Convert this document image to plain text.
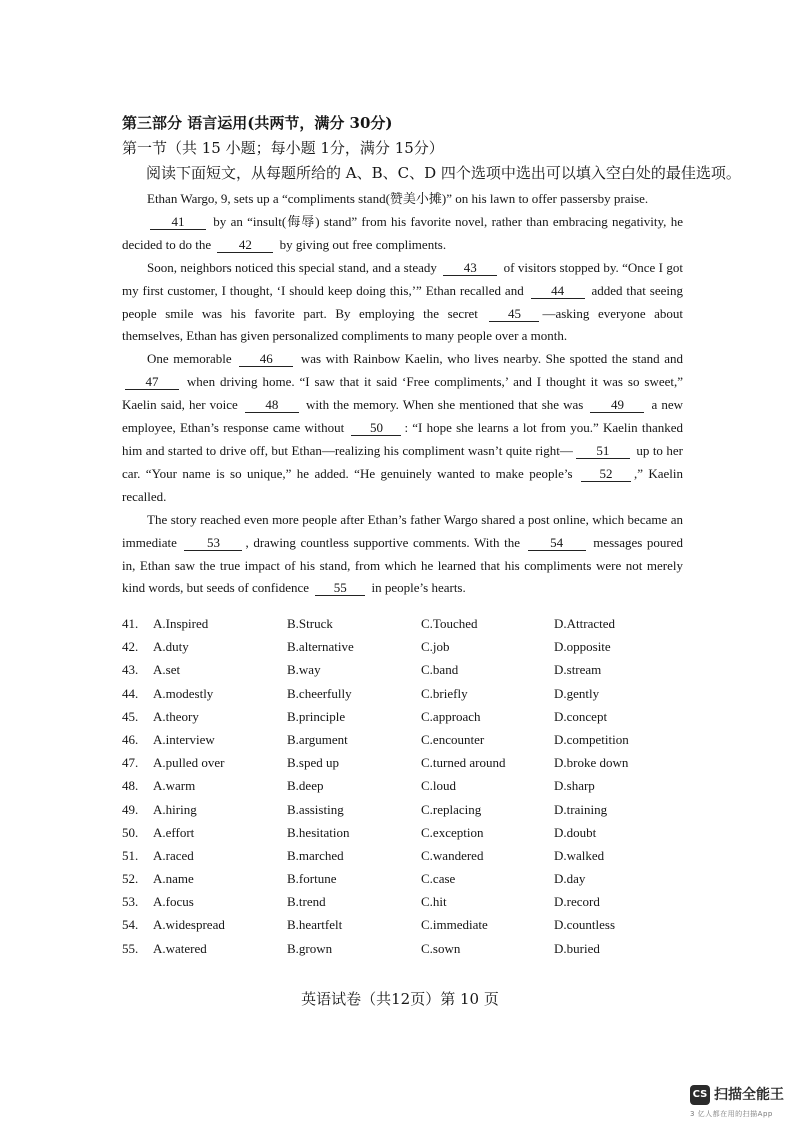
第三部分 语言运用(共两节，满分 30分)
第一节（共 15 小题；每小题 1分，满分 15分）
阅读下面短文，从每题所给的 A、B、C、D 四个选项中选出可以填入空白处的最佳选项。

Ethan Wargo, 9, sets up a “compliments stand(赞美小摊)” on his lawn to offer passersby praise.

41 by an “insult(侮辱) stand” from his favorite novel, rather than embracing negativity, he decided to do the 42 by giving out free compliments.

Soon, neighbors noticed this special stand, and a steady 43 of visitors stopped by. “Once I got my first customer, I thought, ‘I should keep doing this,’” Ethan recalled and 44 added that seeing people smile was his favorite part. By employing the secret 45 —asking everyone about themselves, Ethan has given personalized compliments to many people over a month.

One memorable 46 was with Rainbow Kaelin, who lives nearby. She spotted the stand and 47 when driving home. “I saw that it said ‘Free compliments,’ and I thought it was so sweet,” Kaelin said, her voice 48 with the memory. When she mentioned that she was 49 a new employee, Ethan’s response came without 50 : “I hope she learns a lot from you.” Kaelin thanked him and started to drive off, but Ethan—realizing his compliment wasn’t quite right— 51 up to her car. “Your name is so unique,” he added. “He genuinely wanted to make people’s 52 ,” Kaelin recalled.

The story reached even more people after Ethan’s father Wargo shared a post online, which became an immediate 53 , drawing countless supportive comments. With the 54 messages poured in, Ethan saw the true impact of his stand, from which he learned that his compliments were not merely kind words, but seeds of confidence 55 in people’s hearts.

41. A.Inspired	B.Struck	C.Touched	D.Attracted
42. A.duty	B.alternative	C.job	D.opposite
43. A.set	B.way	C.band	D.stream
44. A.modestly	B.cheerfully	C.briefly	D.gently
45. A.theory	B.principle	C.approach	D.concept
46. A.interview	B.argument	C.encounter	D.competition
47. A.pulled over	B.sped up	C.turned around	D.broke down
48. A.warm	B.deep	C.loud	D.sharp
49. A.hiring	B.assisting	C.replacing	D.training
50. A.effort	B.hesitation	C.exception	D.doubt
51. A.raced	B.marched	C.wandered	D.walked
52. A.name	B.fortune	C.case	D.day
53. A.focus	B.trend	C.hit	D.record
54. A.widespread	B.heartfelt	C.immediate	D.countless
55. A.watered	B.grown	C.sown	D.buried
英语试卷（共12页）第 10 页
CS 扫描全能王
3 亿人都在用的扫描App
